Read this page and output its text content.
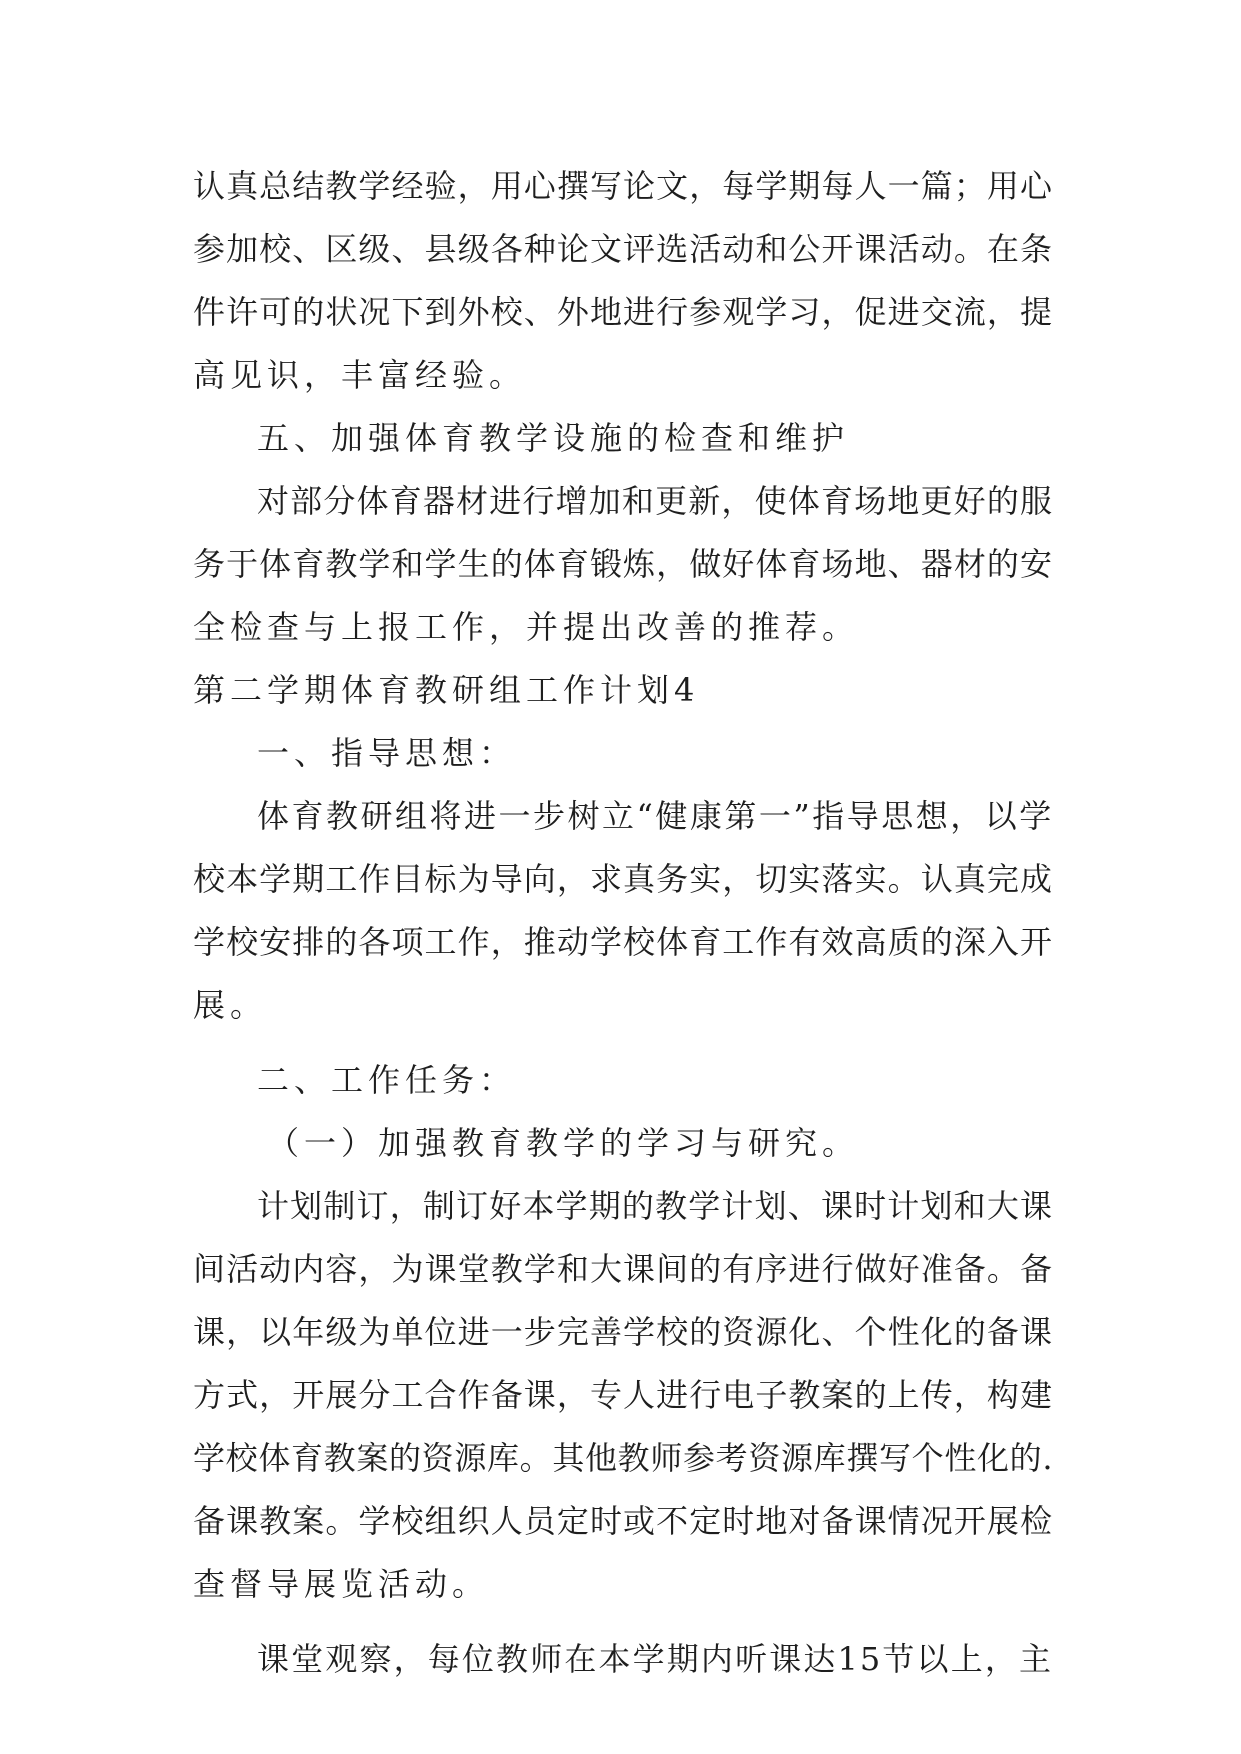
认真总结教学经验，用心撰写论文，每学期每人一篇；用心

参加校、区级、县级各种论文评选活动和公开课活动。在条

件许可的状况下到外校、外地进行参观学习，促进交流，提

高见识，丰富经验。

五、加强体育教学设施的检查和维护

对部分体育器材进行增加和更新，使体育场地更好的服

务于体育教学和学生的体育锻炼，做好体育场地、器材的安

全检查与上报工作，并提出改善的推荐。

第二学期体育教研组工作计划4

一、指导思想：

体育教研组将进一步树立“健康第一”指导思想，以学

校本学期工作目标为导向，求真务实，切实落实。认真完成

学校安排的各项工作，推动学校体育工作有效高质的深入开

展。

二、工作任务：

（一）加强教育教学的学习与研究。

计划制订，制订好本学期的教学计划、课时计划和大课

间活动内容，为课堂教学和大课间的有序进行做好准备。备

课，以年级为单位进一步完善学校的资源化、个性化的备课

方式，开展分工合作备课，专人进行电子教案的上传，构建

学校体育教案的资源库。其他教师参考资源库撰写个性化的.

备课教案。学校组织人员定时或不定时地对备课情况开展检

查督导展览活动。

课堂观察，每位教师在本学期内听课达15节以上，主
